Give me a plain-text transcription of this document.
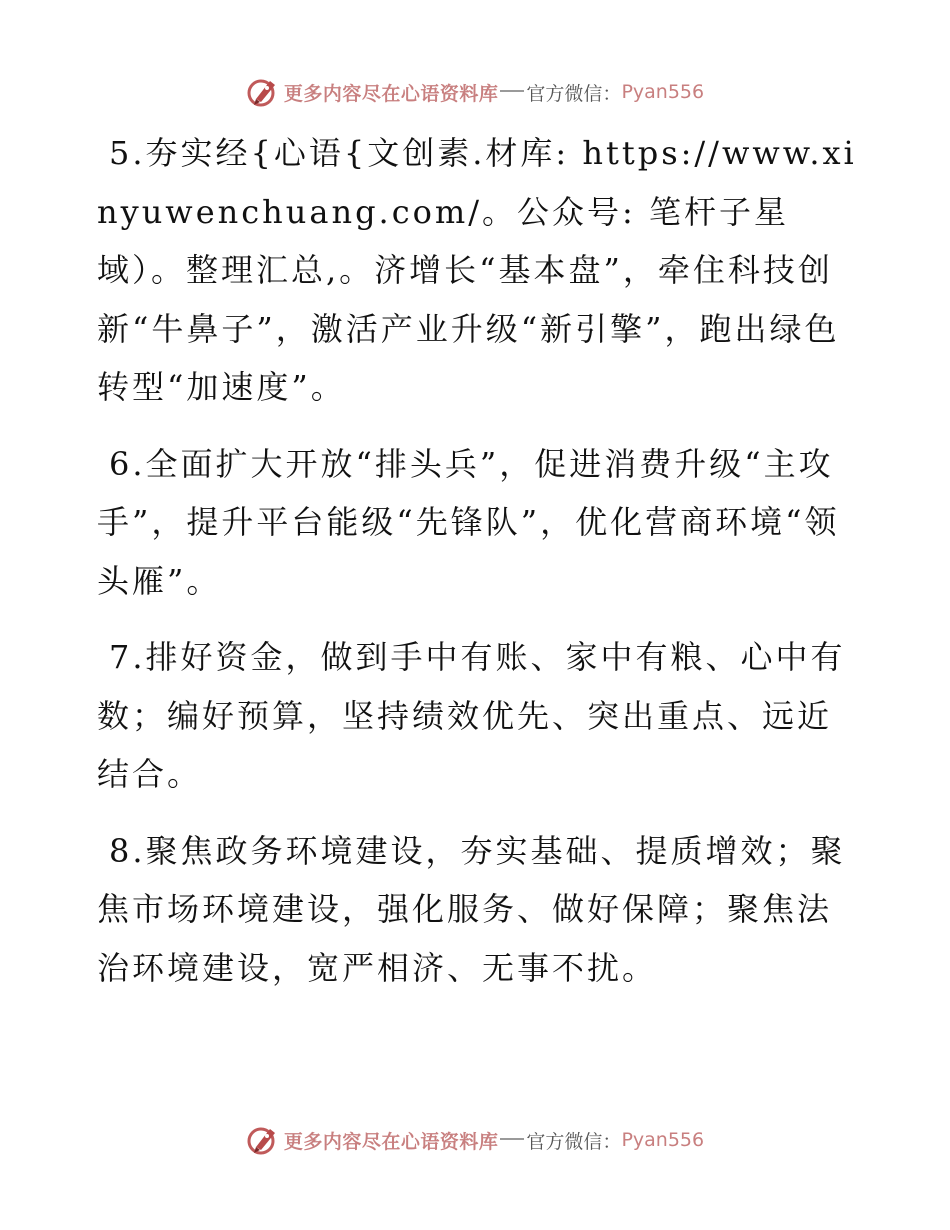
更多内容尽在心语资料库 官方微信： Pyan556

5.夯实经{心语{文创素.材库: https://www.xinyuwenchuang.com/。公众号: 笔杆子星域）。整理汇总,。济增长“基本盘”，牵住科技创新“牛鼻子”，激活产业升级“新引擎”，跑出绿色转型“加速度”。

6.全面扩大开放“排头兵”，促进消费升级“主攻手”，提升平台能级“先锋队”，优化营商环境“领头雁”。

7.排好资金，做到手中有账、家中有粮、心中有数；编好预算，坚持绩效优先、突出重点、远近结合。

8.聚焦政务环境建设，夯实基础、提质增效；聚焦市场环境建设，强化服务、做好保障；聚焦法治环境建设，宽严相济、无事不扰。

更多内容尽在心语资料库 官方微信： Pyan556
